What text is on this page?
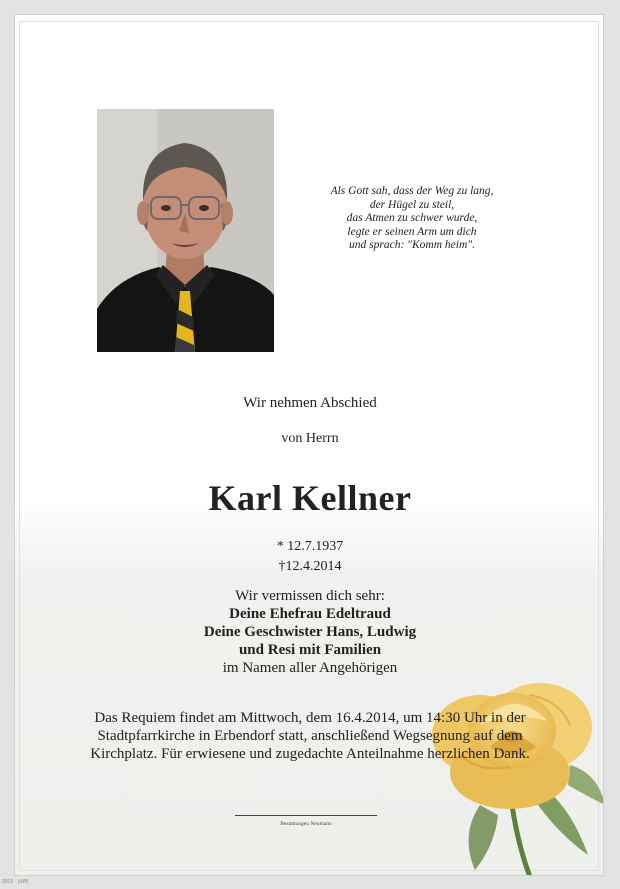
Als Gott sah, dass der Weg zu lang,
der Hügel zu steil,
das Atmen zu schwer wurde,
legte er seinen Arm um dich
und sprach: "Komm heim".
Wir nehmen Abschied
von Herrn
Karl Kellner
* 12.7.1937
†12.4.2014
Wir vermissen dich sehr:
Deine Ehefrau Edeltraud
Deine Geschwister Hans, Ludwig
und Resi mit Familien
im Namen aller Angehörigen
Das Requiem findet am Mittwoch, dem 16.4.2014, um 14:30 Uhr in der
Stadtpfarrkirche in Erbendorf statt, anschließend Wegsegnung auf dem
Kirchplatz. Für erwiesene und zugedachte Anteilnahme herzlichen Dank.
Bestattungen Neumann
0019 · LWB
